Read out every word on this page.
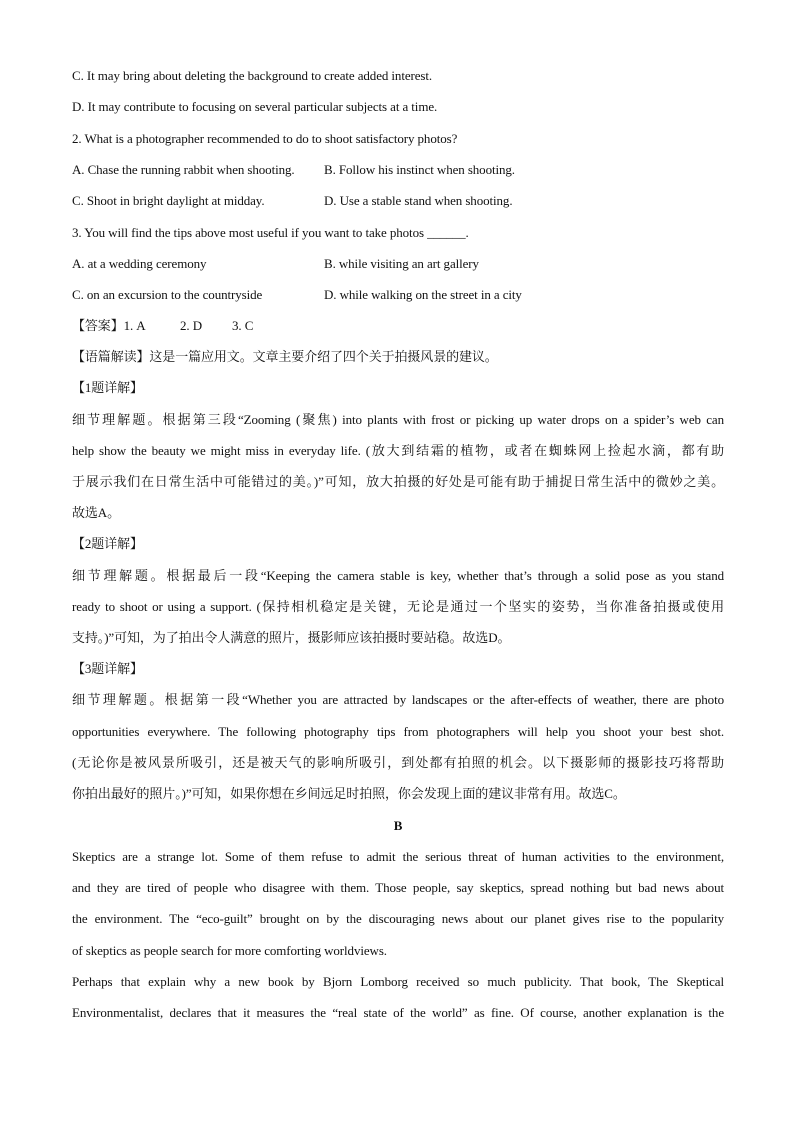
C. It may bring about deleting the background to create added interest.
D. It may contribute to focusing on several particular subjects at a time.
2. What is a photographer recommended to do to shoot satisfactory photos?
A. Chase the running rabbit when shooting. B. Follow his instinct when shooting.
C. Shoot in bright daylight at midday.	D. Use a stable stand when shooting.
3. You will find the tips above most useful if you want to take photos ______.
A. at a wedding ceremony	B. while visiting an art gallery
C. on an excursion to the countryside	D. while walking on the street in a city
【答案】1. A	2. D 3. C
【语篇解读】这是一篇应用文。文章主要介绍了四个关于拍摄风景的建议。
【1题详解】
细节理解题。根据第三段“Zooming (聚焦) into plants with frost or picking up water drops on a spider’s web can
help show the beauty we might miss in everyday life. (放大到结霜的植物，或者在蜘蛛网上捡起水滴，都有助
于展示我们在日常生活中可能错过的美。)”可知，放大拍摄的好处是可能有助于捕捉日常生活中的微妙之美。
故选A。
【2题详解】
细节理解题。根据最后一段“Keeping the camera stable is key, whether that’s through a solid pose as you stand
ready to shoot or using a support. (保持相机稳定是关键，无论是通过一个坚实的姿势，当你准备拍摄或使用
支持。)”可知，为了拍出令人满意的照片，摄影师应该拍摄时要站稳。故选D。
【3题详解】
细节理解题。根据第一段“Whether you are attracted by landscapes or the after-effects of weather, there are photo
opportunities everywhere. The following photography tips from photographers will help you shoot your best shot.
(无论你是被风景所吸引，还是被天气的影响所吸引，到处都有拍照的机会。以下摄影师的摄影技巧将帮助
你拍出最好的照片。)”可知，如果你想在乡间远足时拍照，你会发现上面的建议非常有用。故选C。
B
Skeptics are a strange lot. Some of them refuse to admit the serious threat of human activities to the environment,
and they are tired of people who disagree with them. Those people, say skeptics, spread nothing but bad news about
the environment. The “eco-guilt” brought on by the discouraging news about our planet gives rise to the popularity
of skeptics as people search for more comforting worldviews.
Perhaps that explain why a new book by Bjorn Lomborg received so much publicity. That book, The Skeptical
Environmentalist, declares that it measures the “real state of the world” as fine. Of course, another explanation is the
